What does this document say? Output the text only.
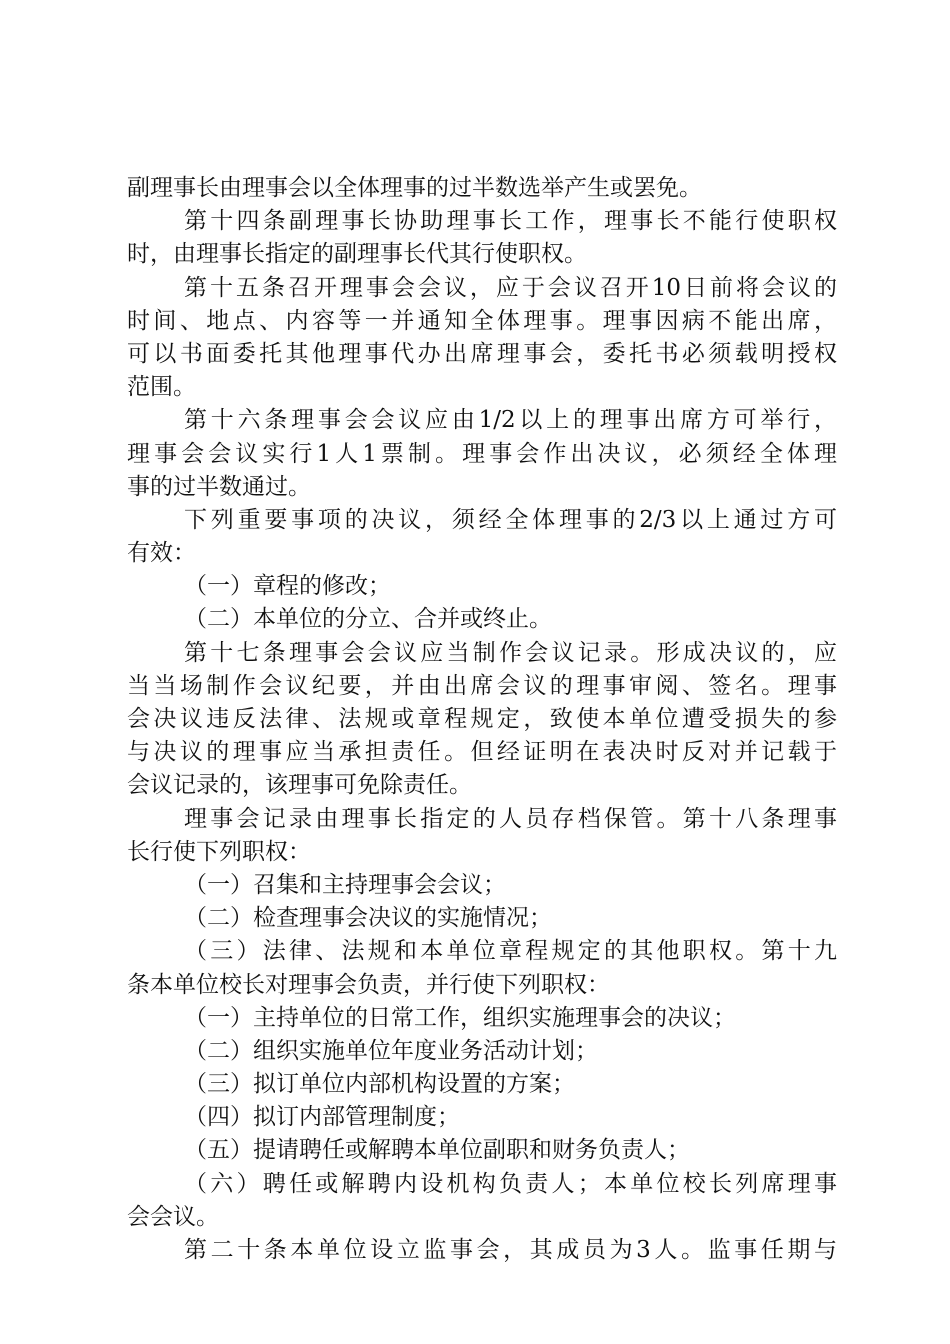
副理事长由理事会以全体理事的过半数选举产生或罢免。
第十四条副理事长协助理事长工作，理事长不能行使职权
时，由理事长指定的副理事长代其行使职权。
第十五条召开理事会会议，应于会议召开10日前将会议的
时间、地点、内容等一并通知全体理事。理事因病不能出席，
可以书面委托其他理事代办出席理事会，委托书必须载明授权
范围。
第十六条理事会会议应由1/2以上的理事出席方可举行，
理事会会议实行1人1票制。理事会作出决议，必须经全体理
事的过半数通过。
下列重要事项的决议，须经全体理事的2/3以上通过方可
有效：
（一）章程的修改；
（二）本单位的分立、合并或终止。
第十七条理事会会议应当制作会议记录。形成决议的，应
当当场制作会议纪要，并由出席会议的理事审阅、签名。理事
会决议违反法律、法规或章程规定，致使本单位遭受损失的参
与决议的理事应当承担责任。但经证明在表决时反对并记载于
会议记录的，该理事可免除责任。
理事会记录由理事长指定的人员存档保管。第十八条理事
长行使下列职权：
（一）召集和主持理事会会议；
（二）检查理事会决议的实施情况；
（三）法律、法规和本单位章程规定的其他职权。第十九
条本单位校长对理事会负责，并行使下列职权：
（一）主持单位的日常工作，组织实施理事会的决议；
（二）组织实施单位年度业务活动计划；
（三）拟订单位内部机构设置的方案；
（四）拟订内部管理制度；
（五）提请聘任或解聘本单位副职和财务负责人；
（六）聘任或解聘内设机构负责人；本单位校长列席理事
会会议。
第二十条本单位设立监事会，其成员为3人。监事任期与
